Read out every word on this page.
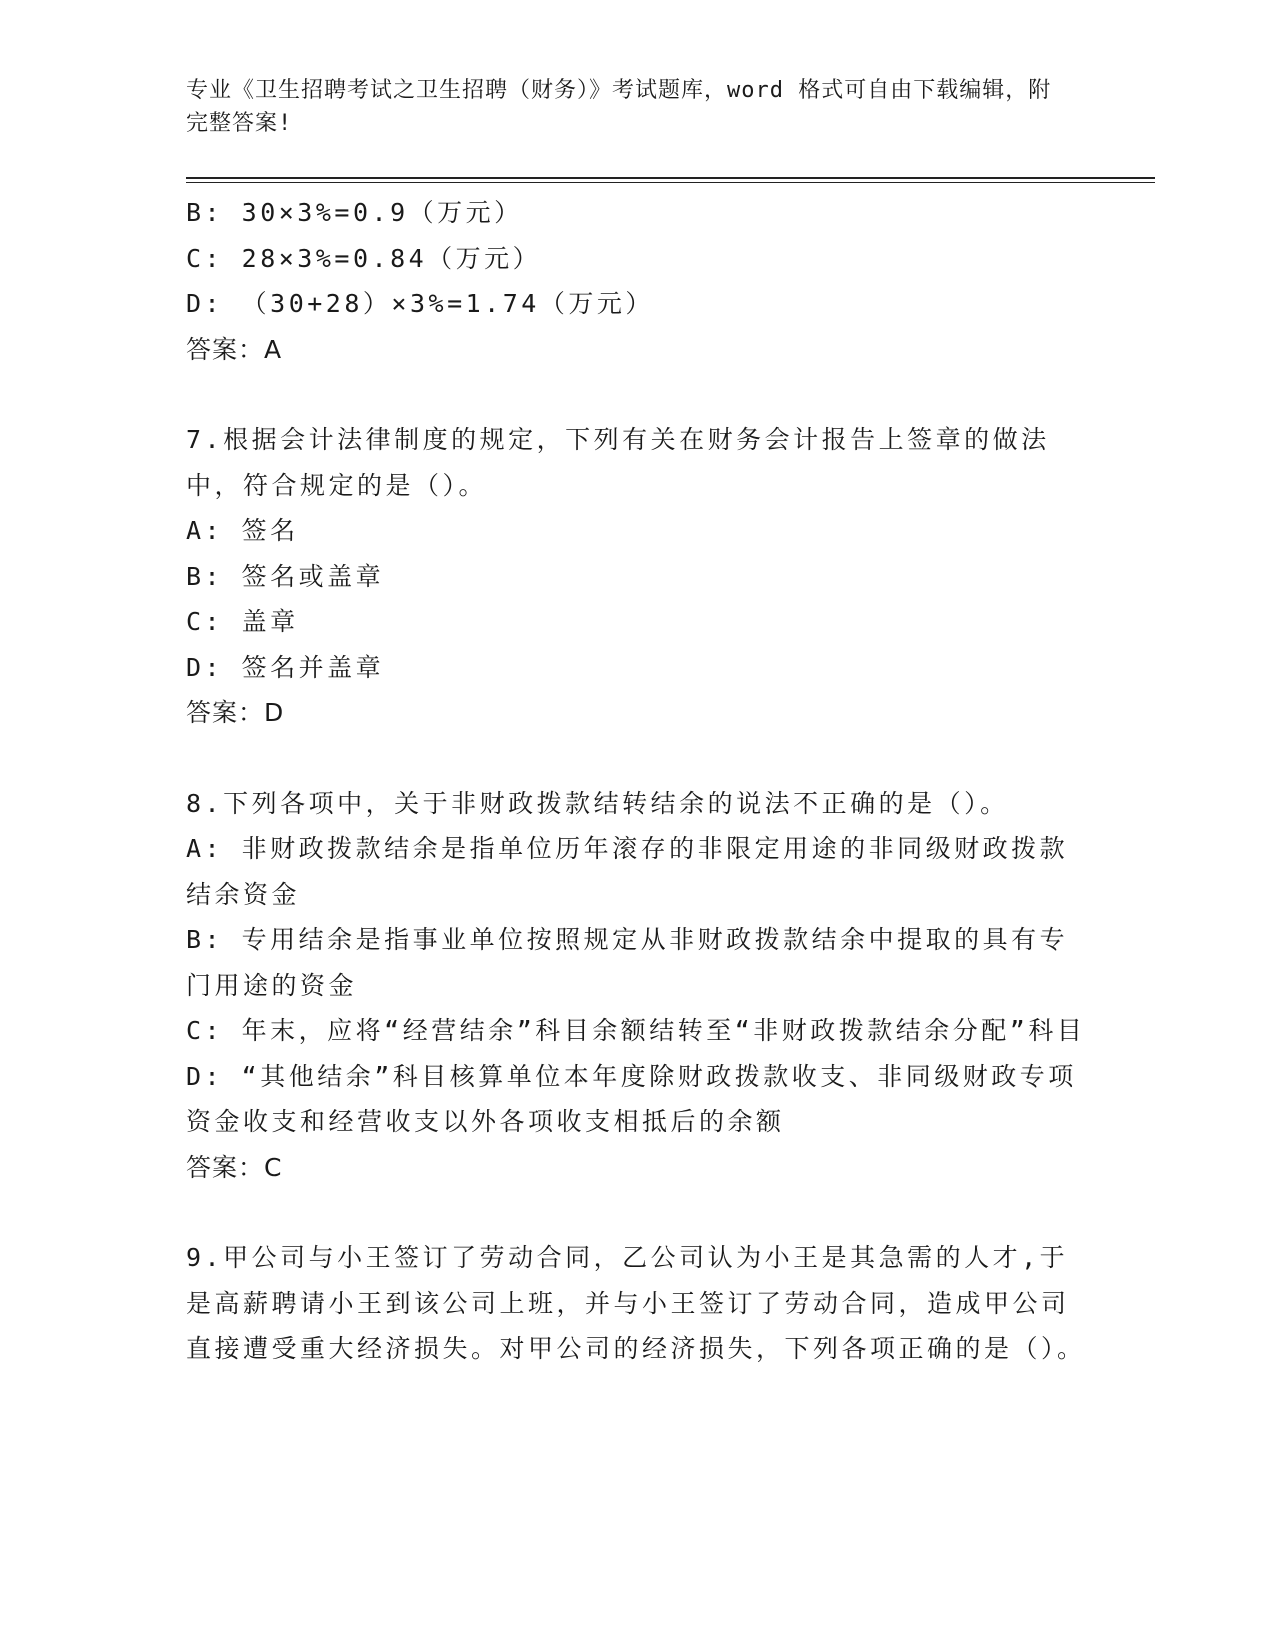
专业《卫生招聘考试之卫生招聘（财务）》考试题库，word 格式可自由下载编辑，附完整答案!
B: 30×3%=0.9（万元）
C: 28×3%=0.84（万元）
D: （30+28）×3%=1.74（万元）
答案：A
7.根据会计法律制度的规定，下列有关在财务会计报告上签章的做法中，符合规定的是（）。
A: 签名
B: 签名或盖章
C: 盖章
D: 签名并盖章
答案：D
8.下列各项中，关于非财政拨款结转结余的说法不正确的是（）。
A: 非财政拨款结余是指单位历年滚存的非限定用途的非同级财政拨款结余资金
B: 专用结余是指事业单位按照规定从非财政拨款结余中提取的具有专门用途的资金
C: 年末，应将“经营结余”科目余额结转至“非财政拨款结余分配”科目
D: “其他结余”科目核算单位本年度除财政拨款收支、非同级财政专项资金收支和经营收支以外各项收支相抵后的余额
答案：C
9.甲公司与小王签订了劳动合同，乙公司认为小王是其急需的人才,于是高薪聘请小王到该公司上班，并与小王签订了劳动合同，造成甲公司直接遭受重大经济损失。对甲公司的经济损失，下列各项正确的是（）。
